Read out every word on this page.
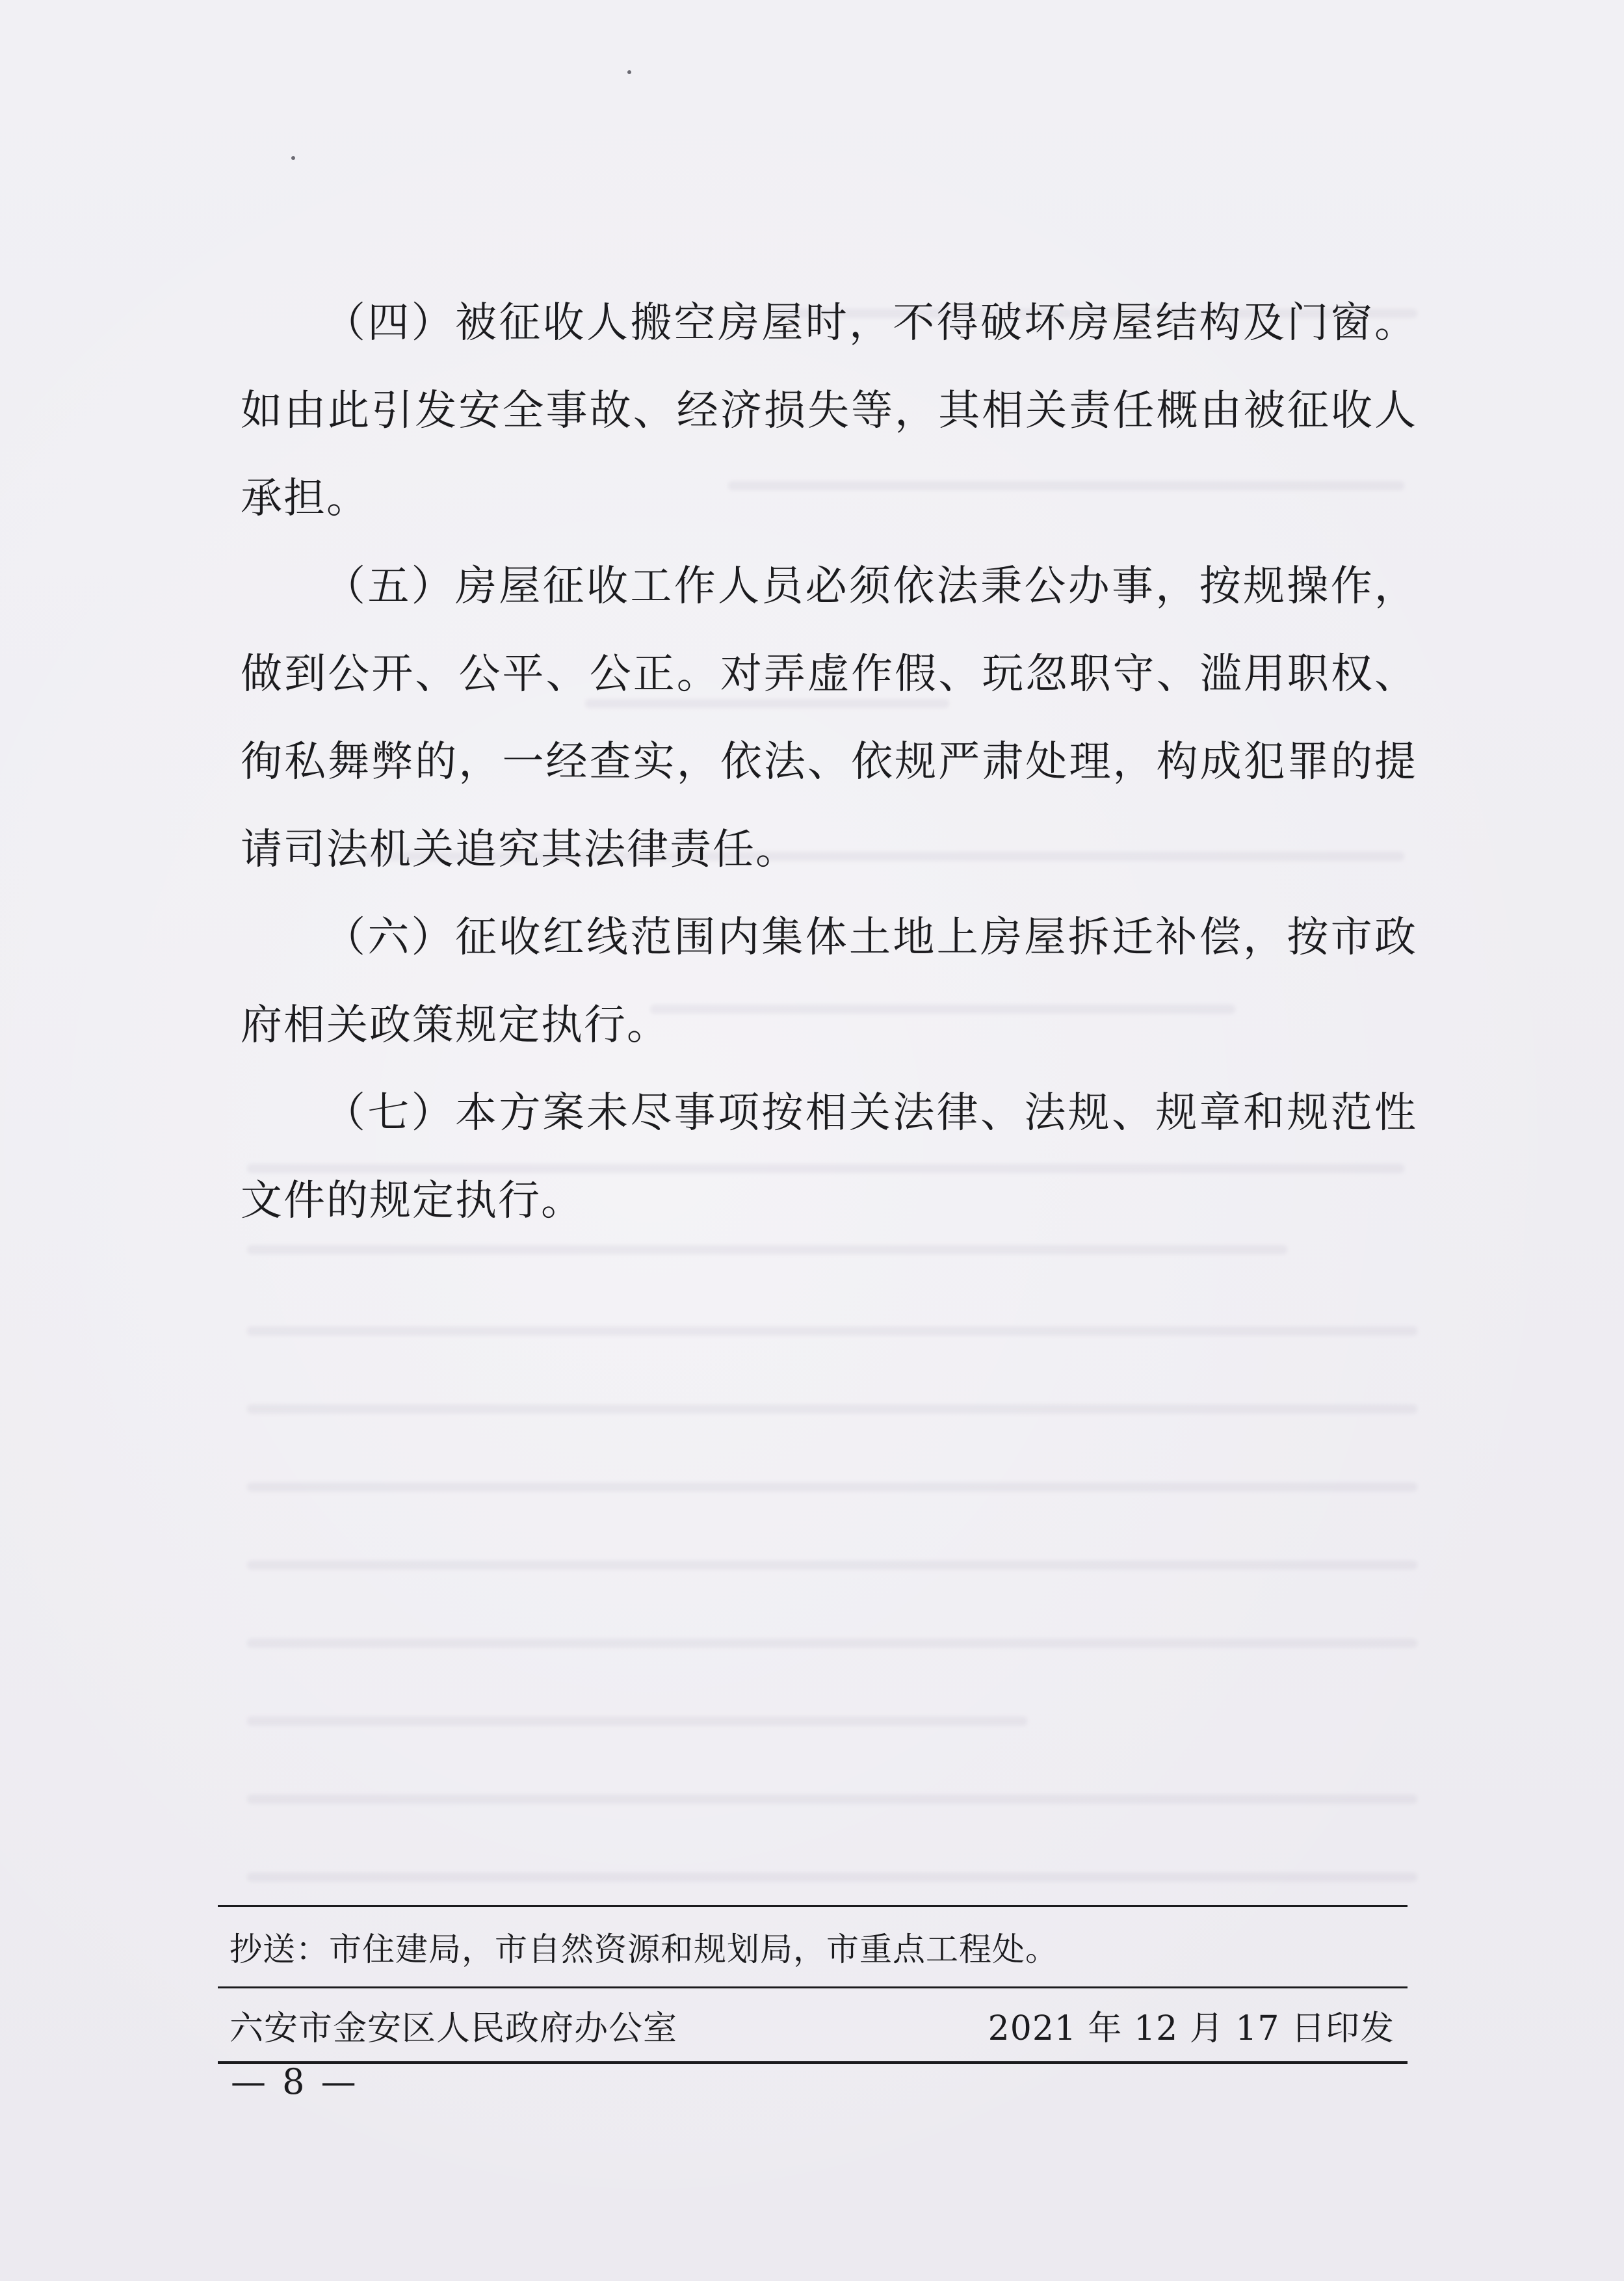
（四）被征收人搬空房屋时，不得破坏房屋结构及门窗。如由此引发安全事故、经济损失等，其相关责任概由被征收人承担。

（五）房屋征收工作人员必须依法秉公办事，按规操作，做到公开、公平、公正。对弄虚作假、玩忽职守、滥用职权、徇私舞弊的，一经查实，依法、依规严肃处理，构成犯罪的提请司法机关追究其法律责任。

（六）征收红线范围内集体土地上房屋拆迁补偿，按市政府相关政策规定执行。

（七）本方案未尽事项按相关法律、法规、规章和规范性文件的规定执行。

抄送：市住建局，市自然资源和规划局，市重点工程处。
六安市金安区人民政府办公室	2021 年 12 月 17 日印发
— 8 —
